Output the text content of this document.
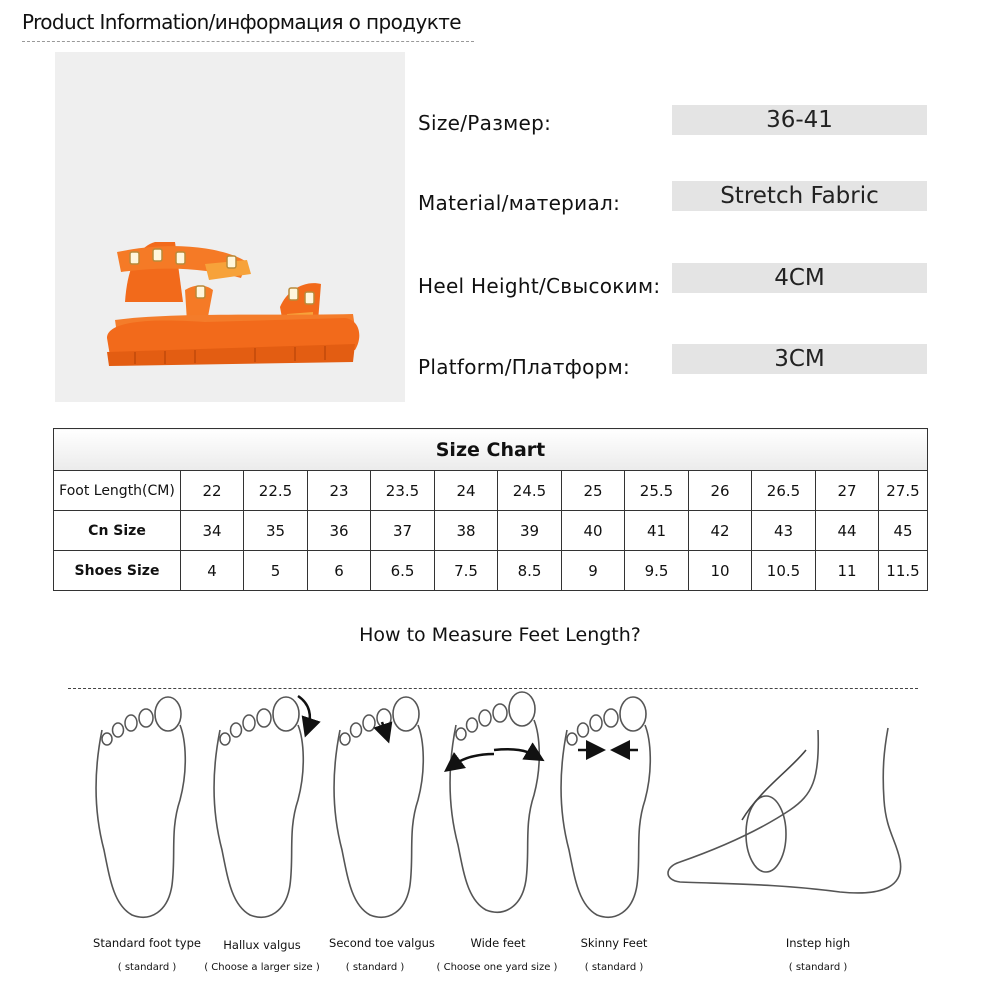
Product Information/информация о продукте
Size/Размер:	36-41
Material/материал:	Stretch Fabric
Heel Height/Свысоким:	4CM
Platform/Платформ:	3CM
Size Chart												
Foot Length(CM)	22	22.5	23	23.5	24	24.5	25	25.5	26	26.5	27	27.5
Cn Size	34	35	36	37	38	39	40	41	42	43	44	45
Shoes Size	4	5	6	6.5	7.5	8.5	9	9.5	10	10.5	11	11.5
How to Measure Feet Length?
Standard foot type
( standard )
Hallux valgus
( Choose a larger size )
Second toe valgus
( standard )
Wide feet
( Choose one yard size )
Skinny Feet
( standard )
Instep high
( standard )
